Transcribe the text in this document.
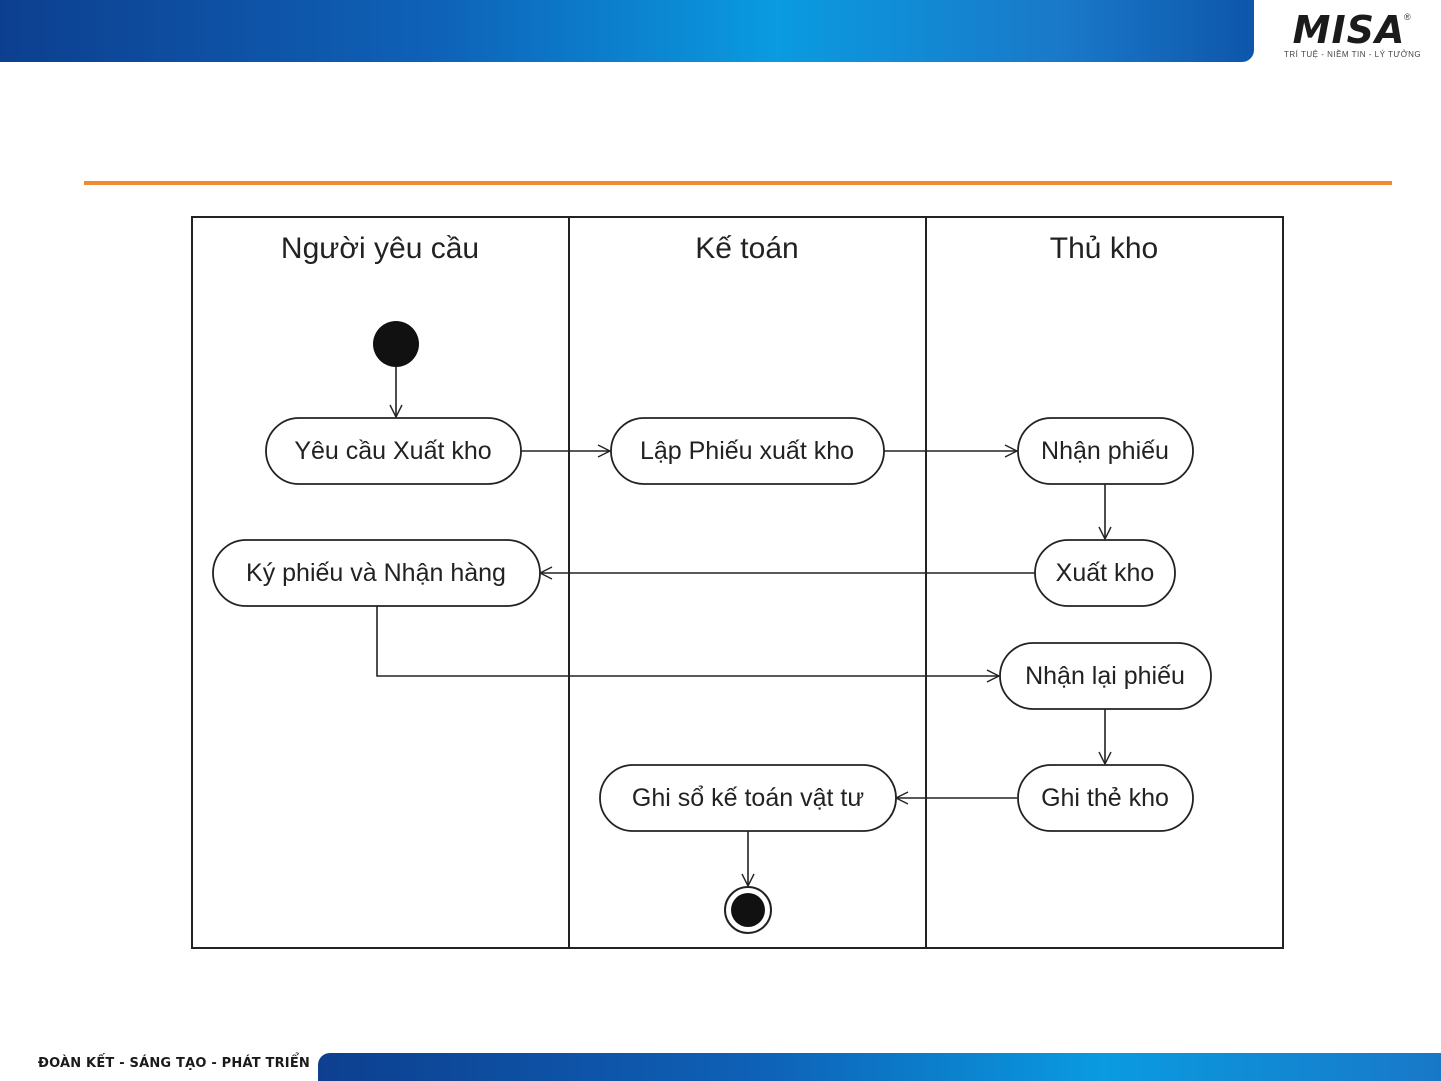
MISA
®
TRÍ TUỆ - NIỀM TIN - LÝ TƯỞNG
Người yêu cầu	Kế toán	Thủ kho
Yêu cầu Xuất kho	Lập Phiếu xuất kho	Nhận phiếu
Ký phiếu và Nhận hàng	Xuất kho
Nhận lại phiếu
Ghi thẻ kho
Ghi sổ kế toán vật tư
ĐOÀN KẾT - SÁNG TẠO - PHÁT TRIỂN
